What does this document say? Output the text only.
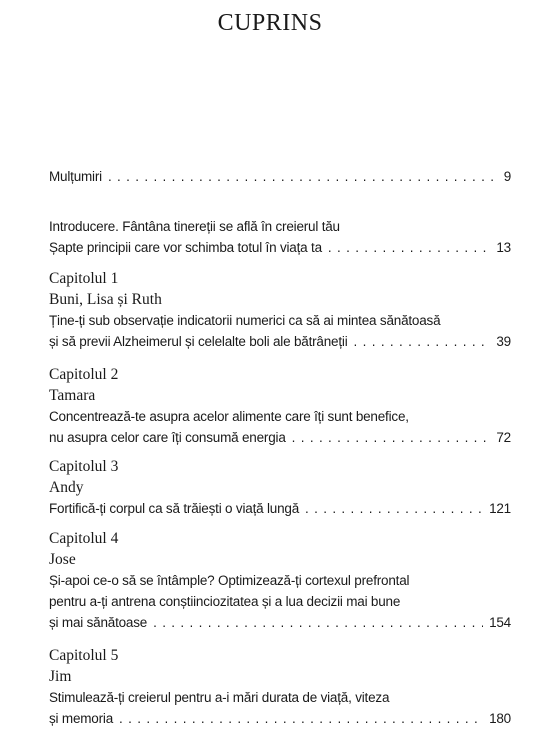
CUPRINS
Mulțumiri . . .	9
Introducere. Fântâna tinereții se află în creierul tău
Șapte principii care vor schimba totul în viața ta . . .	13
Capitolul 1
Buni, Lisa și Ruth
Ține-ți sub observație indicatorii numerici ca să ai mintea sănătoasă
și să previi Alzheimerul și celelalte boli ale bătrâneții . . .	39
Capitolul 2
Tamara
Concentrează-te asupra acelor alimente care îți sunt benefice,
nu asupra celor care îți consumă energia . . .	72
Capitolul 3
Andy
Fortifică-ți corpul ca să trăiești o viață lungă . . .	121
Capitolul 4
Jose
Și-apoi ce-o să se întâmple? Optimizează-ți cortexul prefrontal
pentru a-ți antrena conștiinciozitatea și a lua decizii mai bune
și mai sănătoase . . .	154
Capitolul 5
Jim
Stimulează-ți creierul pentru a-i mări durata de viață, viteza
și memoria . . .	180
